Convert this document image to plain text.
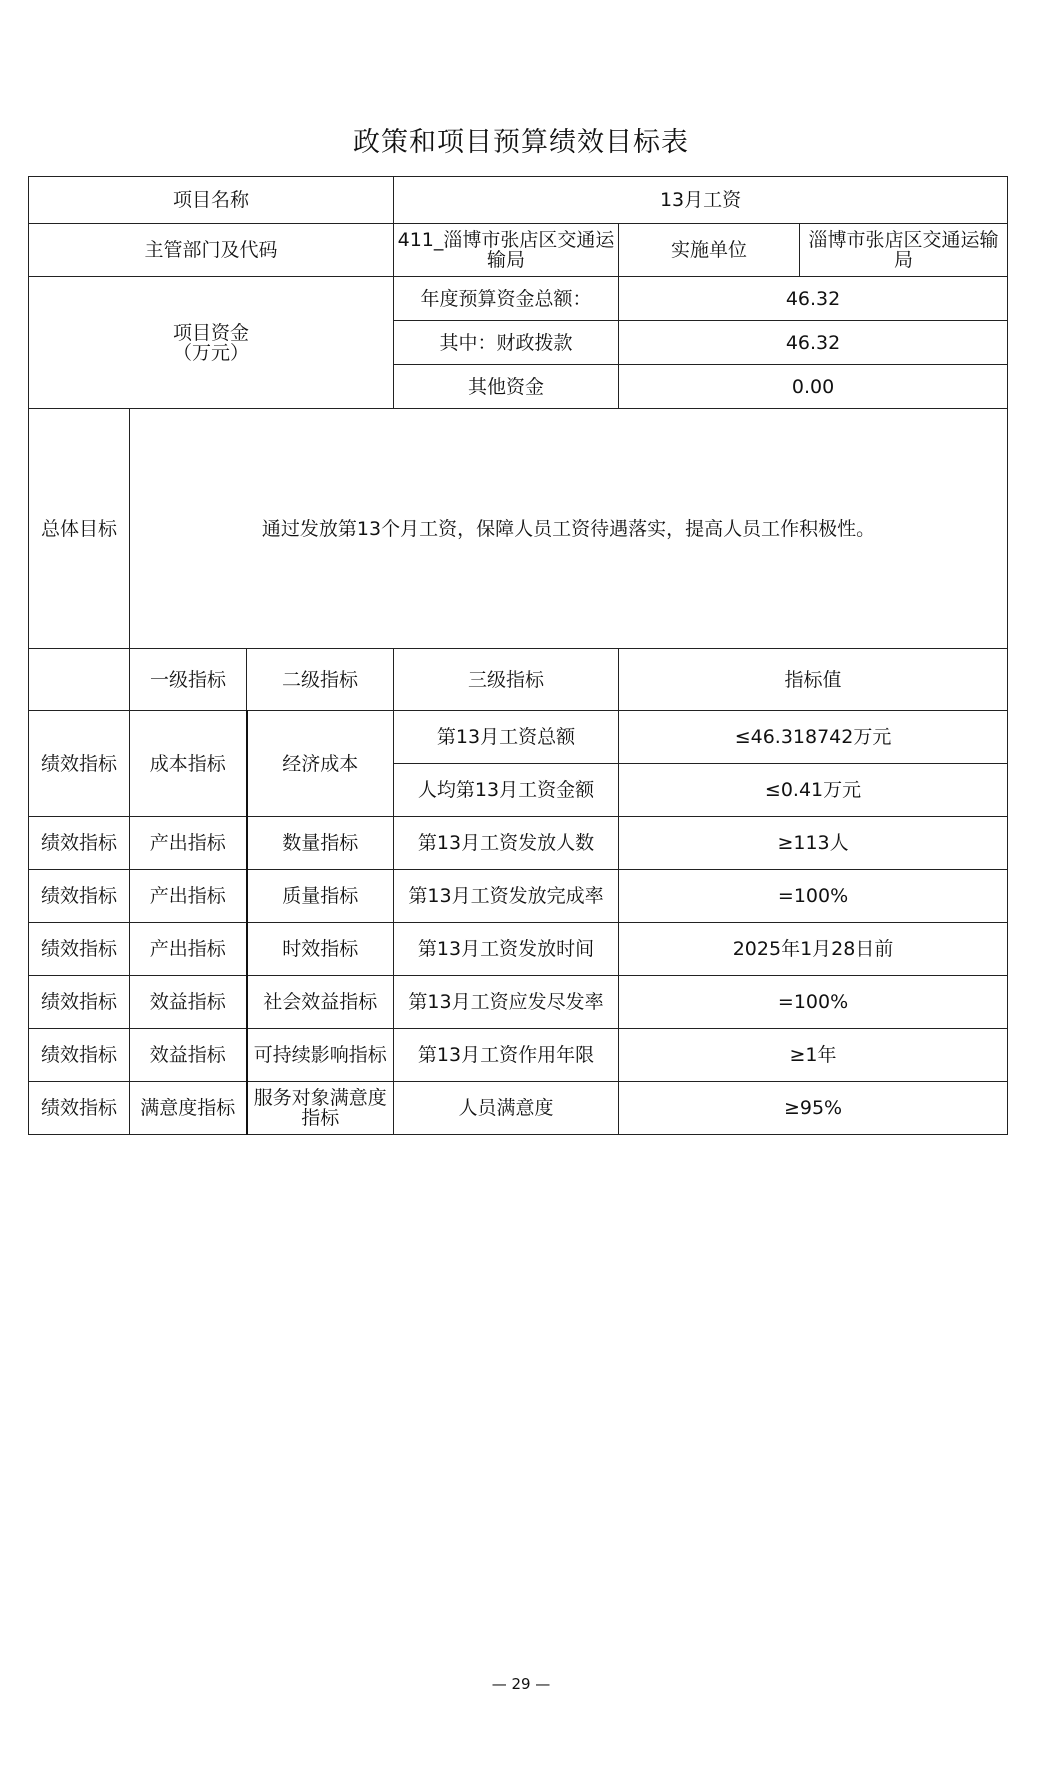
政策和项目预算绩效目标表
项目名称			13月工资		
主管部门及代码			411_淄博市张店区交通运输局	实施单位	淄博市张店区交通运输局

项目资金
（万元）			年度预算资金总额：	46.32	
			其中：财政拨款	46.32	
			其他资金	0.00	
总体目标	通过发放第13个月工资，保障人员工资待遇落实，提高人员工作积极性。				
	一级指标	二级指标	三级指标	指标值	
绩效指标	成本指标	经济成本	第13月工资总额	≤46.318742万元	
			人均第13月工资金额	≤0.41万元	
绩效指标	产出指标	数量指标	第13月工资发放人数	≥113人	
绩效指标	产出指标	质量指标	第13月工资发放完成率	=100%	
绩效指标	产出指标	时效指标	第13月工资发放时间	2025年1月28日前	
绩效指标	效益指标	社会效益指标	第13月工资应发尽发率	=100%	
绩效指标	效益指标	可持续影响指标	第13月工资作用年限	≥1年	
绩效指标	满意度指标	服务对象满意度指标	人员满意度	≥95%	
— 29 —
